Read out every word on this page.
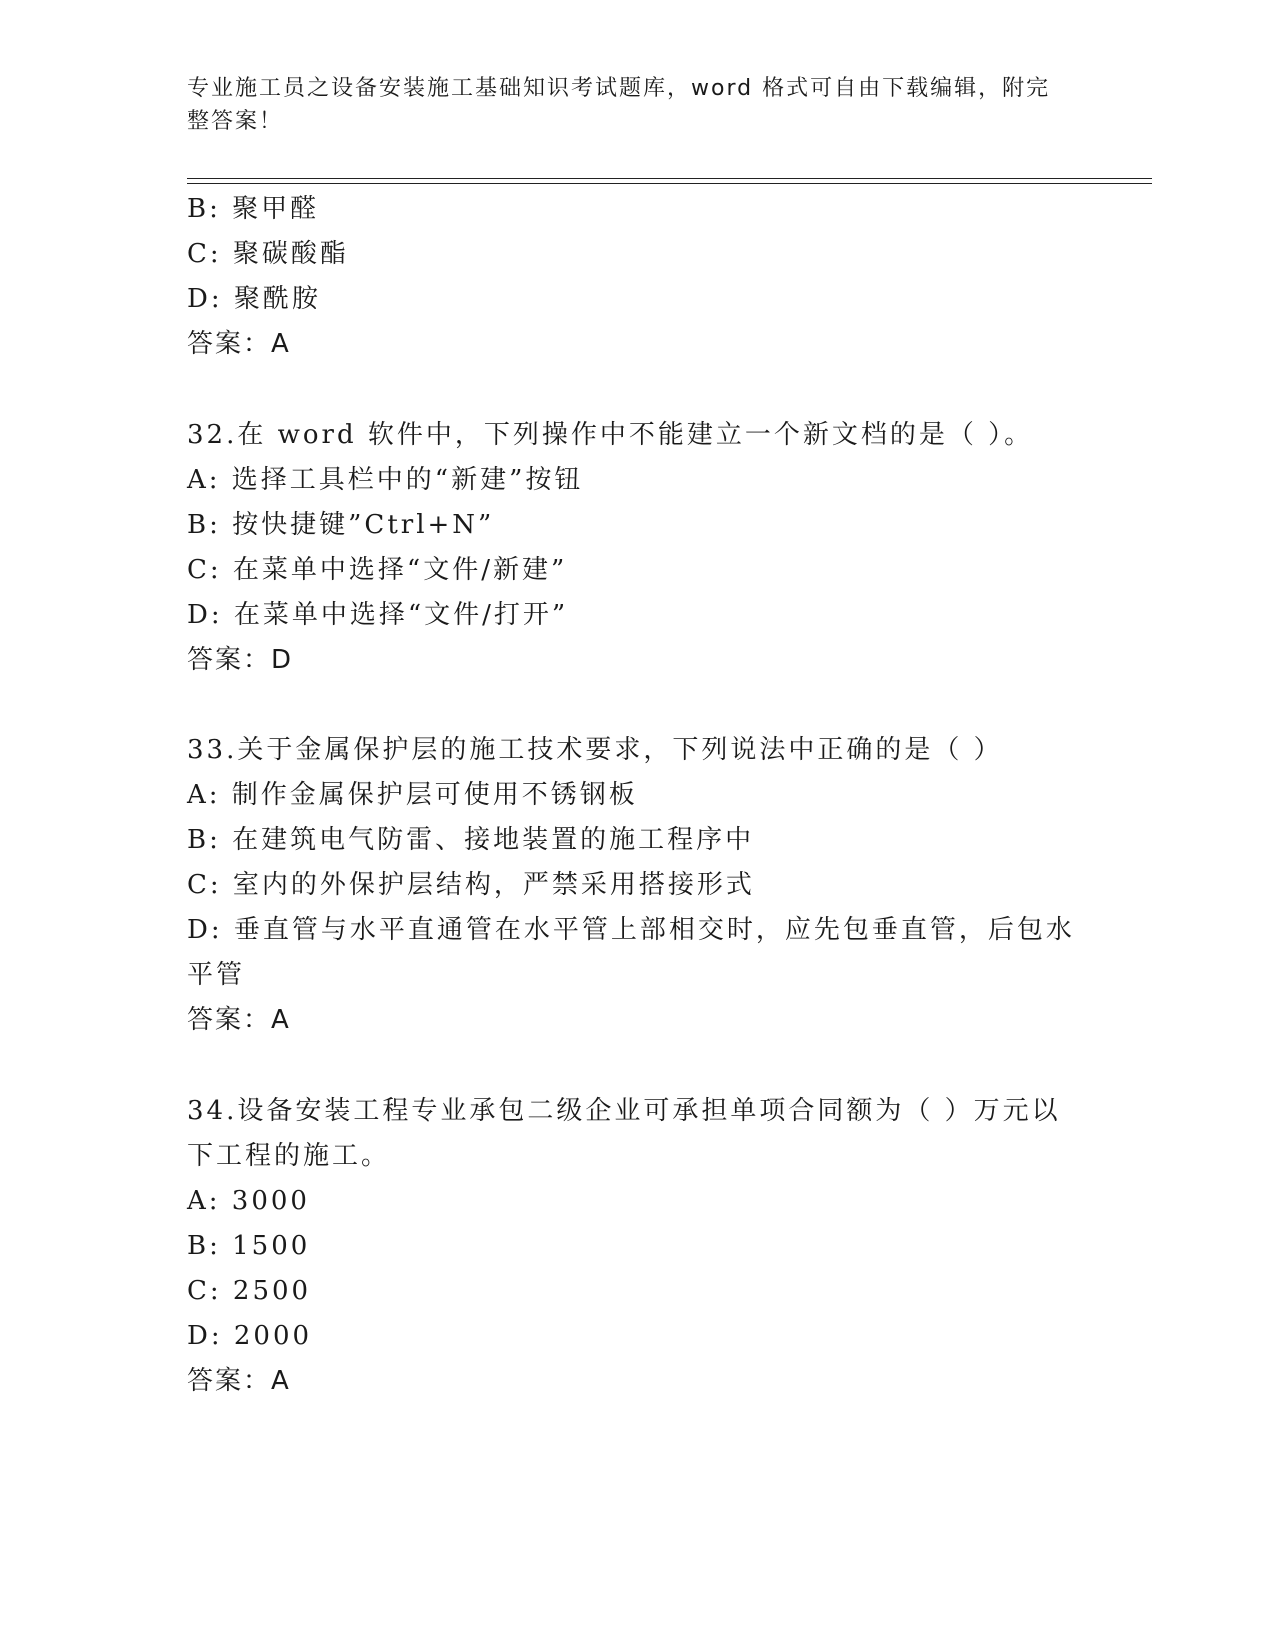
专业施工员之设备安装施工基础知识考试题库，word 格式可自由下载编辑，附完整答案！
B: 聚甲醛
C: 聚碳酸酯
D: 聚酰胺
答案：A
32.在 word 软件中，下列操作中不能建立一个新文档的是（ ）。
A: 选择工具栏中的“新建”按钮
B: 按快捷键”Ctrl+N”
C: 在菜单中选择“文件/新建”
D: 在菜单中选择“文件/打开”
答案：D
33.关于金属保护层的施工技术要求，下列说法中正确的是（ ）
A: 制作金属保护层可使用不锈钢板
B: 在建筑电气防雷、接地装置的施工程序中
C: 室内的外保护层结构，严禁采用搭接形式
D: 垂直管与水平直通管在水平管上部相交时，应先包垂直管，后包水
平管
答案：A
34.设备安装工程专业承包二级企业可承担单项合同额为（ ）万元以
下工程的施工。
A: 3000
B: 1500
C: 2500
D: 2000
答案：A
